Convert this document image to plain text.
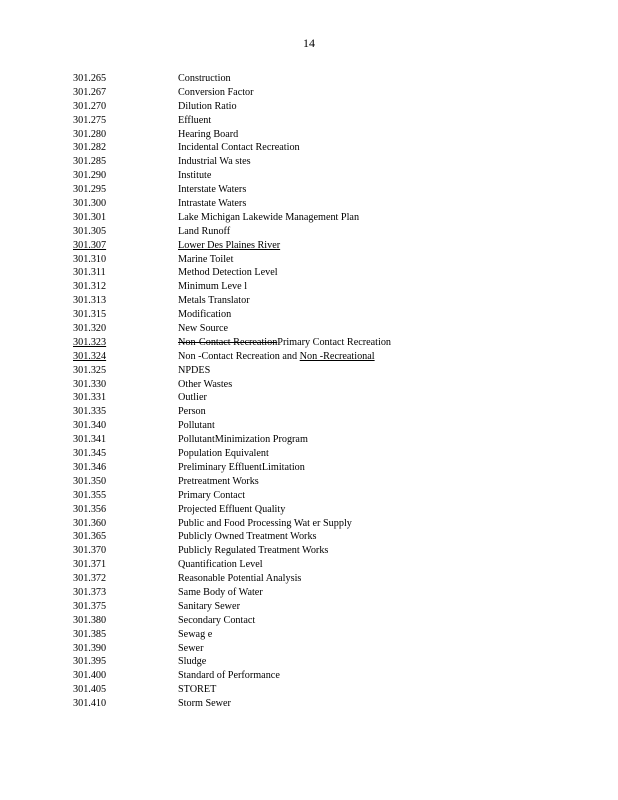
14
301.265	Construction
301.267	Conversion Factor
301.270	Dilution Ratio
301.275	Effluent
301.280	Hearing Board
301.282	Incidental Contact Recreation
301.285	Industrial Wa stes
301.290	Institute
301.295	Interstate Waters
301.300	Intrastate Waters
301.301	Lake Michigan Lakewide Management Plan
301.305	Land Runoff
301.307	Lower Des Plaines River
301.310	Marine Toilet
301.311	Method Detection Level
301.312	Minimum Leve l
301.313	Metals Translator
301.315	Modification
301.320	New Source
301.323	Non-Contact RecreationPrimary Contact Recreation
301.324	Non -Contact Recreation and Non -Recreational
301.325	NPDES
301.330	Other Wastes
301.331	Outlier
301.335	Person
301.340	Pollutant
301.341	PollutantMinimization Program
301.345	Population Equivalent
301.346	Preliminary EffluentLimitation
301.350	Pretreatment Works
301.355	Primary Contact
301.356	Projected Effluent Quality
301.360	Public and Food Processing Wat er Supply
301.365	Publicly Owned Treatment Works
301.370	Publicly Regulated Treatment Works
301.371	Quantification Level
301.372	Reasonable Potential Analysis
301.373	Same Body of Water
301.375	Sanitary Sewer
301.380	Secondary Contact
301.385	Sewag e
301.390	Sewer
301.395	Sludge
301.400	Standard of Performance
301.405	STORET
301.410	Storm Sewer
